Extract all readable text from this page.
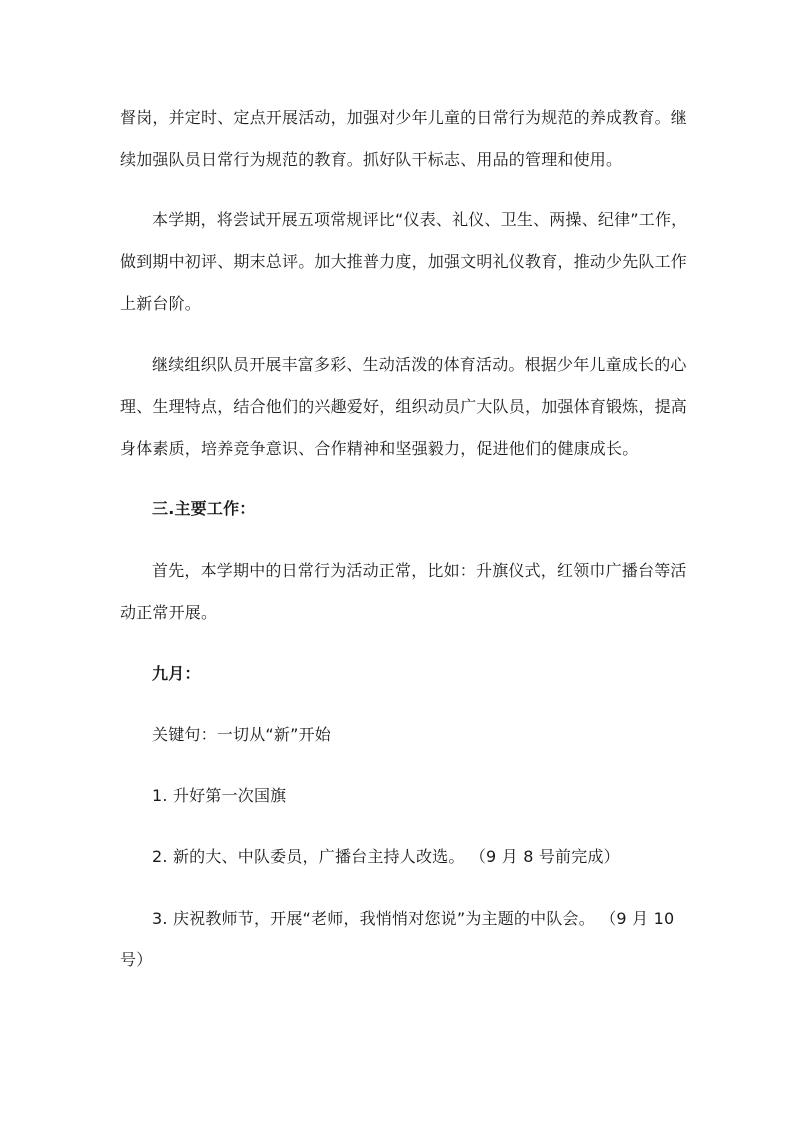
督岗，并定时、定点开展活动，加强对少年儿童的日常行为规范的养成教育。继
续加强队员日常行为规范的教育。抓好队干标志、用品的管理和使用。
本学期，将尝试开展五项常规评比“仪表、礼仪、卫生、两操、纪律”工作，
做到期中初评、期末总评。加大推普力度，加强文明礼仪教育，推动少先队工作
上新台阶。
继续组织队员开展丰富多彩、生动活泼的体育活动。根据少年儿童成长的心
理、生理特点，结合他们的兴趣爱好，组织动员广大队员，加强体育锻炼，提高
身体素质，培养竞争意识、合作精神和坚强毅力，促进他们的健康成长。
三.主要工作：
首先，本学期中的日常行为活动正常，比如：升旗仪式，红领巾广播台等活
动正常开展。
九月：
关键句：一切从“新”开始
1. 升好第一次国旗
2. 新的大、中队委员，广播台主持人改选。 （9 月 8 号前完成）
3. 庆祝教师节，开展“老师，我悄悄对您说”为主题的中队会。 （9 月 10
号）
